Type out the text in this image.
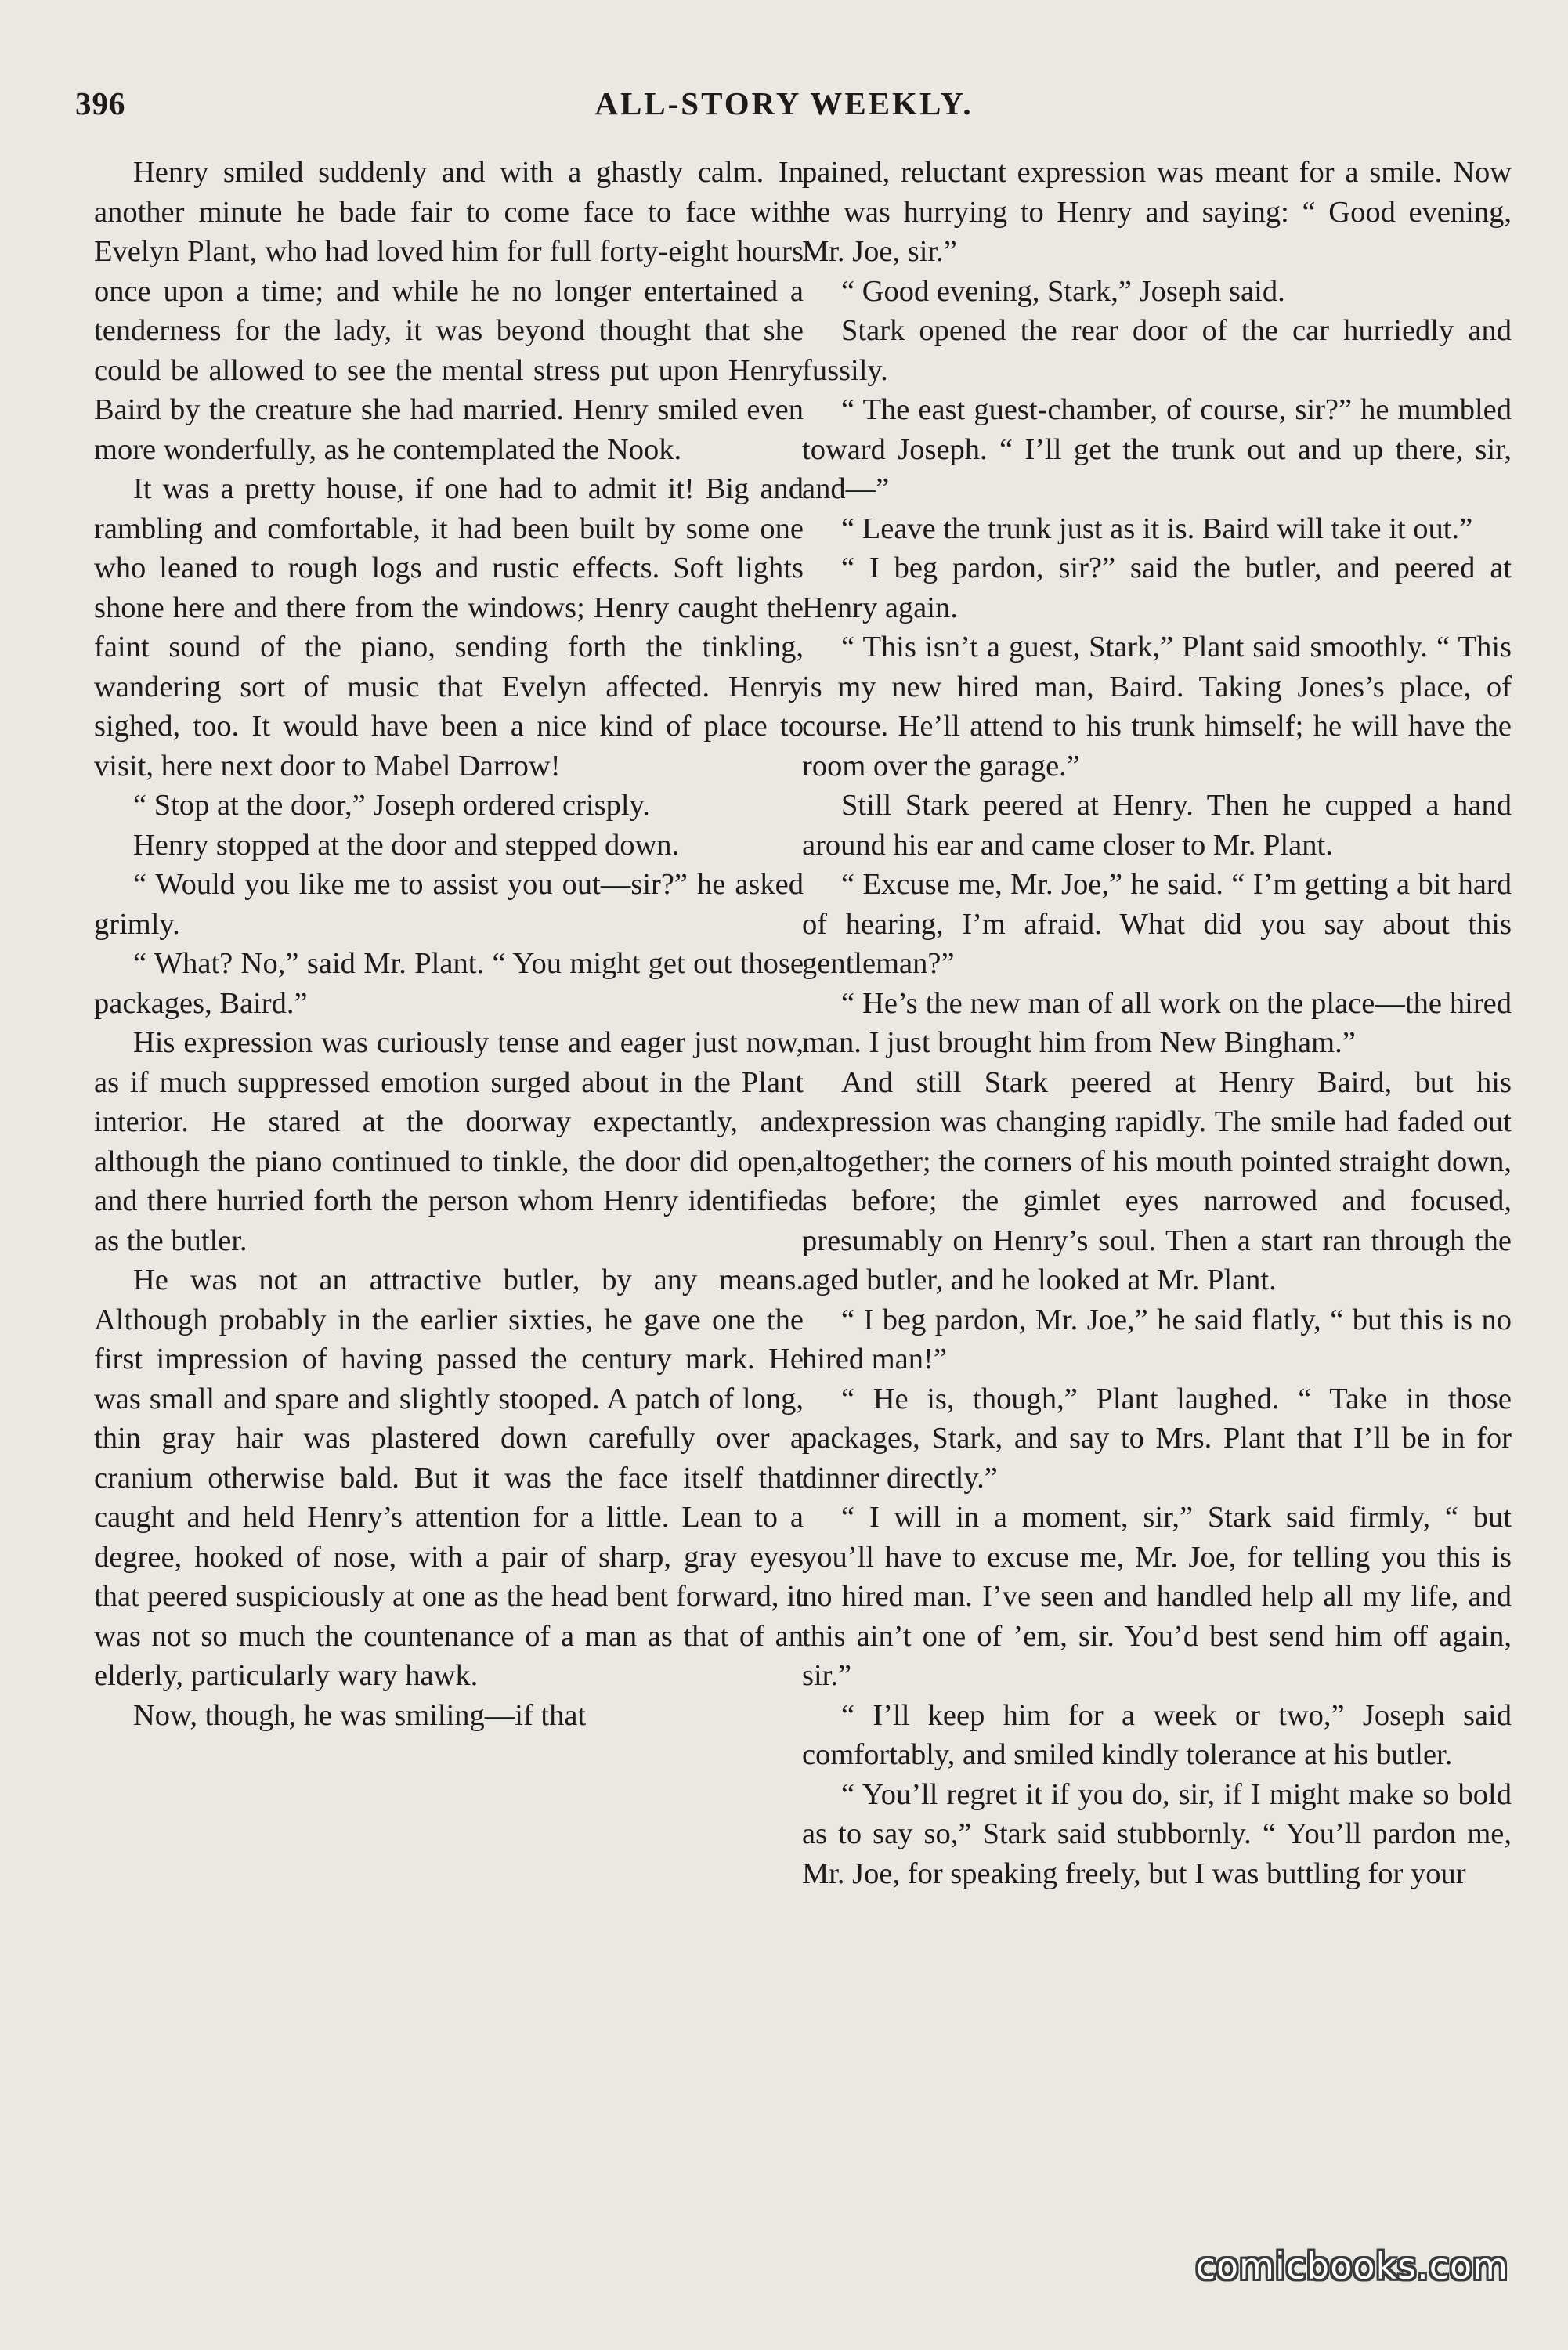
396	ALL-STORY WEEKLY.

Henry smiled suddenly and with a ghastly calm. In another minute he bade fair to come face to face with Evelyn Plant, who had loved him for full forty-eight hours once upon a time; and while he no longer entertained a tenderness for the lady, it was beyond thought that she could be allowed to see the mental stress put upon Henry Baird by the creature she had married. Henry smiled even more wonderfully, as he contemplated the Nook.

It was a pretty house, if one had to admit it! Big and rambling and comfortable, it had been built by some one who leaned to rough logs and rustic effects. Soft lights shone here and there from the windows; Henry caught the faint sound of the piano, sending forth the tinkling, wandering sort of music that Evelyn affected. Henry sighed, too. It would have been a nice kind of place to visit, here next door to Mabel Darrow!

“ Stop at the door,” Joseph ordered crisply.

Henry stopped at the door and stepped down.

“ Would you like me to assist you out—sir?” he asked grimly.

“ What? No,” said Mr. Plant. “ You might get out those packages, Baird.”

His expression was curiously tense and eager just now, as if much suppressed emotion surged about in the Plant interior. He stared at the doorway expectantly, and although the piano continued to tinkle, the door did open, and there hurried forth the person whom Henry identified as the butler.

He was not an attractive butler, by any means. Although probably in the earlier sixties, he gave one the first impression of having passed the century mark. He was small and spare and slightly stooped. A patch of long, thin gray hair was plastered down carefully over a cranium otherwise bald. But it was the face itself that caught and held Henry’s attention for a little. Lean to a degree, hooked of nose, with a pair of sharp, gray eyes that peered suspiciously at one as the head bent forward, it was not so much the countenance of a man as that of an elderly, particularly wary hawk.

Now, though, he was smiling—if that

pained, reluctant expression was meant for a smile. Now he was hurrying to Henry and saying: “ Good evening, Mr. Joe, sir.”

“ Good evening, Stark,” Joseph said.

Stark opened the rear door of the car hurriedly and fussily.

“ The east guest-chamber, of course, sir?” he mumbled toward Joseph. “ I’ll get the trunk out and up there, sir, and—”

“ Leave the trunk just as it is. Baird will take it out.”

“ I beg pardon, sir?” said the butler, and peered at Henry again.

“ This isn’t a guest, Stark,” Plant said smoothly. “ This is my new hired man, Baird. Taking Jones’s place, of course. He’ll attend to his trunk himself; he will have the room over the garage.”

Still Stark peered at Henry. Then he cupped a hand around his ear and came closer to Mr. Plant.

“ Excuse me, Mr. Joe,” he said. “ I’m getting a bit hard of hearing, I’m afraid. What did you say about this gentleman?”

“ He’s the new man of all work on the place—the hired man. I just brought him from New Bingham.”

And still Stark peered at Henry Baird, but his expression was changing rapidly. The smile had faded out altogether; the corners of his mouth pointed straight down, as before; the gimlet eyes narrowed and focused, presumably on Henry’s soul. Then a start ran through the aged butler, and he looked at Mr. Plant.

“ I beg pardon, Mr. Joe,” he said flatly, “ but this is no hired man!”

“ He is, though,” Plant laughed. “ Take in those packages, Stark, and say to Mrs. Plant that I’ll be in for dinner directly.”

“ I will in a moment, sir,” Stark said firmly, “ but you’ll have to excuse me, Mr. Joe, for telling you this is no hired man. I’ve seen and handled help all my life, and this ain’t one of ’em, sir. You’d best send him off again, sir.”

“ I’ll keep him for a week or two,” Joseph said comfortably, and smiled kindly tolerance at his butler.

“ You’ll regret it if you do, sir, if I might make so bold as to say so,” Stark said stubbornly. “ You’ll pardon me, Mr. Joe, for speaking freely, but I was buttling for your

comicbooks.com
